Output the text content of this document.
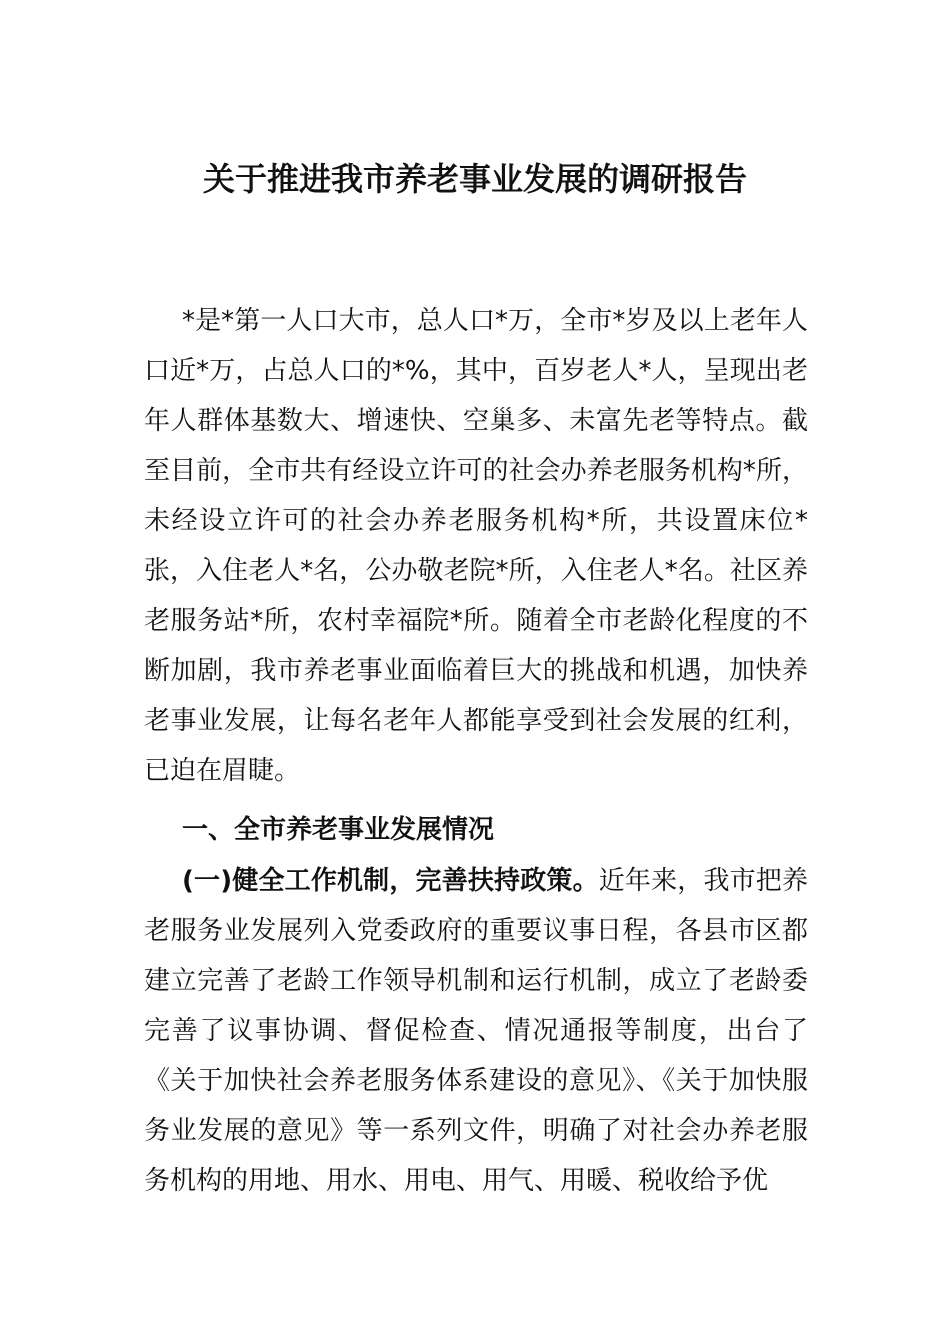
关于推进我市养老事业发展的调研报告

*是*第一人口大市，总人口*万，全市*岁及以上老年人口近*万，占总人口的*%，其中，百岁老人*人，呈现出老年人群体基数大、增速快、空巢多、未富先老等特点。截至目前，全市共有经设立许可的社会办养老服务机构*所，未经设立许可的社会办养老服务机构*所，共设置床位*张，入住老人*名，公办敬老院*所，入住老人*名。社区养老服务站*所，农村幸福院*所。随着全市老龄化程度的不断加剧，我市养老事业面临着巨大的挑战和机遇，加快养老事业发展，让每名老年人都能享受到社会发展的红利，已迫在眉睫。

一、全市养老事业发展情况

(一)健全工作机制，完善扶持政策。近年来，我市把养老服务业发展列入党委政府的重要议事日程，各县市区都建立完善了老龄工作领导机制和运行机制，成立了老龄委完善了议事协调、督促检查、情况通报等制度，出台了《关于加快社会养老服务体系建设的意见》、《关于加快服务业发展的意见》等一系列文件，明确了对社会办养老服务机构的用地、用水、用电、用气、用暖、税收给予优
